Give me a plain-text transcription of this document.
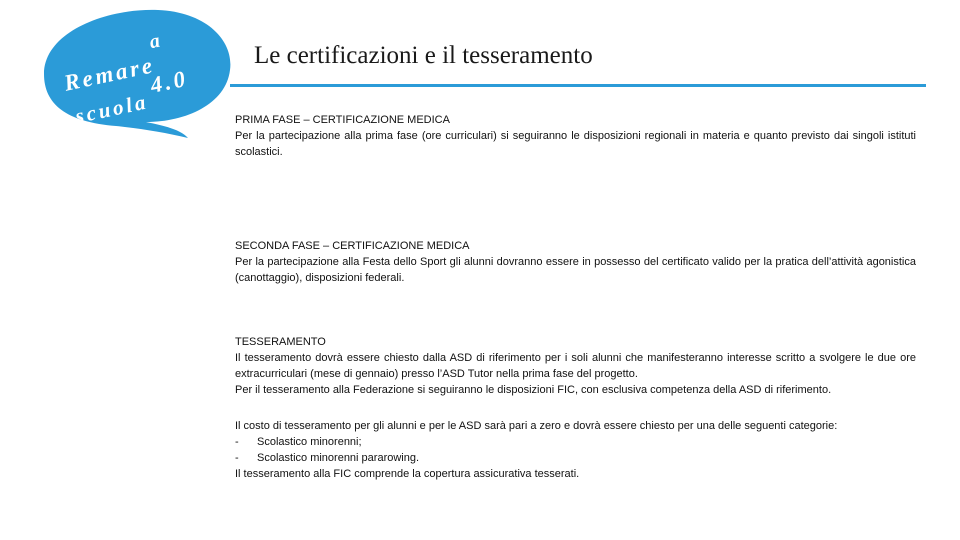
a
Remare
4.0
scuola
Le certificazioni e il tesseramento
PRIMA FASE – CERTIFICAZIONE MEDICA

Per la partecipazione alla prima fase (ore curriculari) si seguiranno le disposizioni regionali in materia e quanto previsto dai singoli istituti scolastici.

SECONDA FASE – CERTIFICAZIONE MEDICA

Per la partecipazione alla Festa dello Sport gli alunni dovranno essere in possesso del certificato valido per la pratica dell’attività agonistica (canottaggio), disposizioni federali.

TESSERAMENTO

Il tesseramento dovrà essere chiesto dalla ASD di riferimento per i soli alunni che manifesteranno interesse scritto a svolgere le due ore extracurriculari (mese di gennaio) presso l’ASD Tutor nella prima fase del progetto.

Per il tesseramento alla Federazione si seguiranno le disposizioni FIC, con esclusiva competenza della ASD di riferimento.

Il costo di tesseramento per gli alunni e per le ASD sarà pari a zero e dovrà essere chiesto per una delle seguenti categorie:

-	Scolastico minorenni;
-	Scolastico minorenni pararowing.

Il tesseramento alla FIC comprende la copertura assicurativa tesserati.
